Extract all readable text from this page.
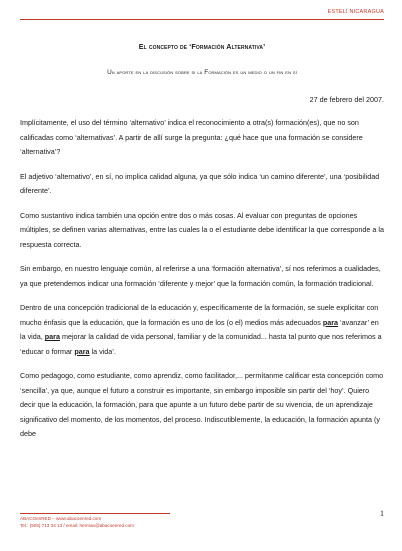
ESTELÍ NICARAGUA
El concepto de ‘Formación Alternativa’
Un aporte en la discusión sobre si la Formación es un medio o un fin en sí
27 de febrero del 2007.

Implícitamente, el uso del término ‘alternativo’ indica el reconocimiento a otra(s) formación(es), que no son calificadas como ‘alternativas’. A partir de allí surge la pregunta: ¿qué hace que una formación se considere ‘alternativa’?

El adjetivo ‘alternativo’, en sí, no implica calidad alguna, ya que sólo indica ‘un camino diferente’, una ‘posibilidad diferente’.

Como sustantivo indica también una opción entre dos o más cosas. Al evaluar con preguntas de opciones múltiples, se definen varias alternativas, entre las cuales la o el estudiante debe identificar la que corresponde a la respuesta correcta.

Sin embargo, en nuestro lenguaje común, al referirse a una ‘formación alternativa’, sí nos referimos a cualidades, ya que pretendemos indicar una formación ‘diferente y mejor’ que la formación común, la formación tradicional.

Dentro de una concepción tradicional de la educación y, específicamente de la formación, se suele explicitar con mucho énfasis que la educación, que la formación es uno de los (o el) medios más adecuados para ‘avanzar’ en la vida, para mejorar la calidad de vida personal, familiar y de la comunidad... hasta tal punto que nos referimos a ‘educar o formar para la vida’.

Como pedagogo, como estudiante, como aprendiz, como facilitador,... permítanme calificar esta concepción como ‘sencilla’, ya que, aunque el futuro a construir es importante, sin embargo imposible sin partir del ‘hoy’. Quiero decir que la educación, la formación, para que apunte a un futuro debe partir de su vivencia, de un aprendizaje significativo del momento, de los momentos, del proceso. Indiscutiblemente, la educación, la formación apunta (y debe

ABACOenRED – www.abacoenred.com
Tel.: (505) 713 34 13 / email: herman@abacoenred.com
1
